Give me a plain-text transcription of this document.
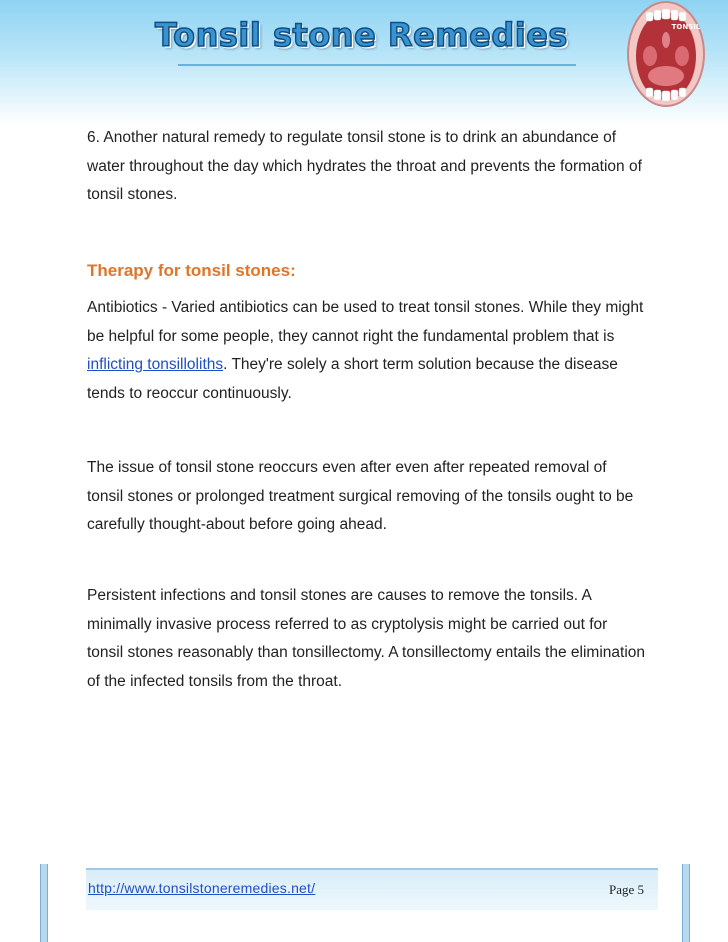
Tonsil stone Remedies	TONSIL

6. Another natural remedy to regulate tonsil stone is to drink an abundance of water throughout the day which hydrates the throat and prevents the formation of tonsil stones.

Therapy for tonsil stones:

Antibiotics - Varied antibiotics can be used to treat tonsil stones. While they might be helpful for some people, they cannot right the fundamental problem that is inflicting tonsilloliths. They're solely a short term solution because the disease tends to reoccur continuously.

The issue of tonsil stone reoccurs even after even after repeated removal of tonsil stones or prolonged treatment surgical removing of the tonsils ought to be carefully thought-about before going ahead.

Persistent infections and tonsil stones are causes to remove the tonsils. A minimally invasive process referred to as cryptolysis might be carried out for tonsil stones reasonably than tonsillectomy. A tonsillectomy entails the elimination of the infected tonsils from the throat.

http://www.tonsilstoneremedies.net/	Page 5
